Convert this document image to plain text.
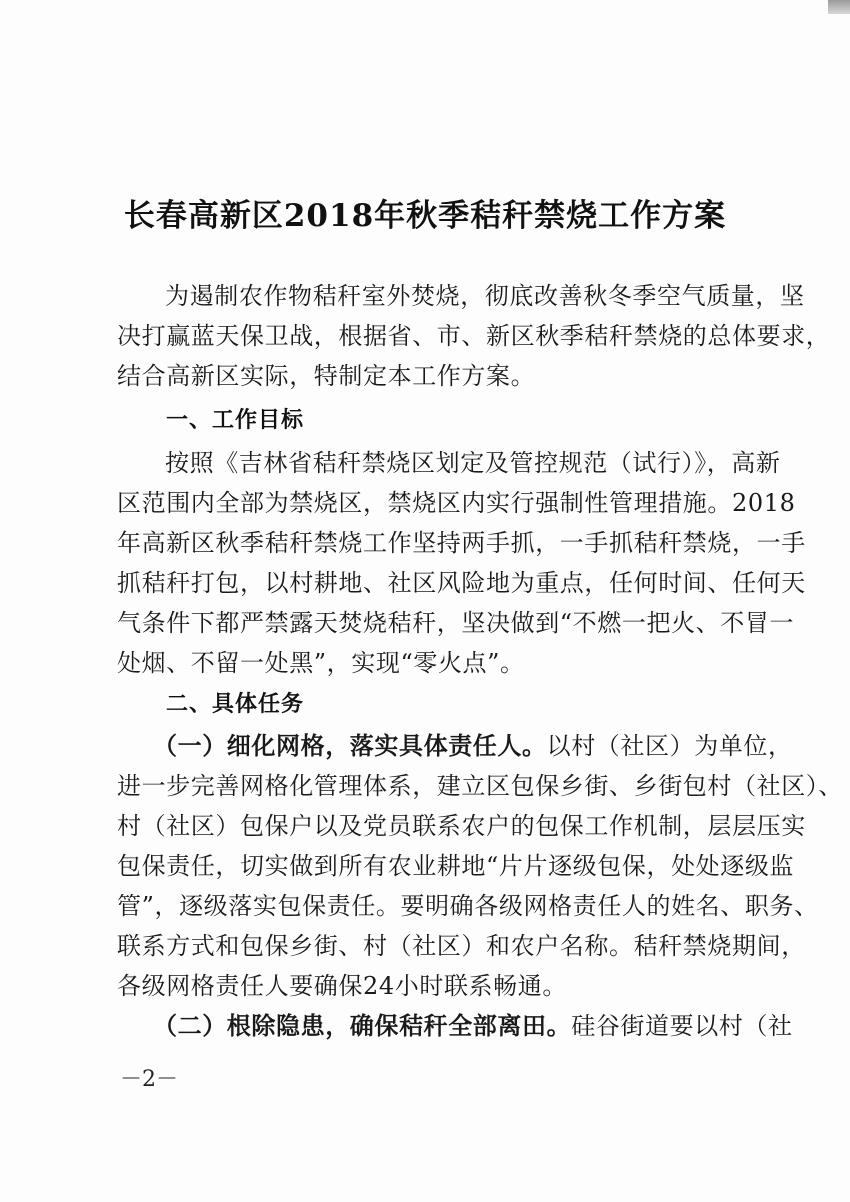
长春高新区2018年秋季秸秆禁烧工作方案
为遏制农作物秸秆室外焚烧，彻底改善秋冬季空气质量，坚
决打赢蓝天保卫战，根据省、市、新区秋季秸秆禁烧的总体要求，
结合高新区实际，特制定本工作方案。
一、工作目标
按照《吉林省秸秆禁烧区划定及管控规范（试行）》，高新
区范围内全部为禁烧区，禁烧区内实行强制性管理措施。2018
年高新区秋季秸秆禁烧工作坚持两手抓，一手抓秸秆禁烧，一手
抓秸秆打包，以村耕地、社区风险地为重点，任何时间、任何天
气条件下都严禁露天焚烧秸秆，坚决做到“不燃一把火、不冒一
处烟、不留一处黑”，实现“零火点”。
二、具体任务
（一）细化网格，落实具体责任人。以村（社区）为单位，
进一步完善网格化管理体系，建立区包保乡街、乡街包村（社区）、
村（社区）包保户以及党员联系农户的包保工作机制，层层压实
包保责任，切实做到所有农业耕地“片片逐级包保，处处逐级监
管”，逐级落实包保责任。要明确各级网格责任人的姓名、职务、
联系方式和包保乡街、村（社区）和农户名称。秸秆禁烧期间，
各级网格责任人要确保24小时联系畅通。
（二）根除隐患，确保秸秆全部离田。硅谷街道要以村（社
－2－
